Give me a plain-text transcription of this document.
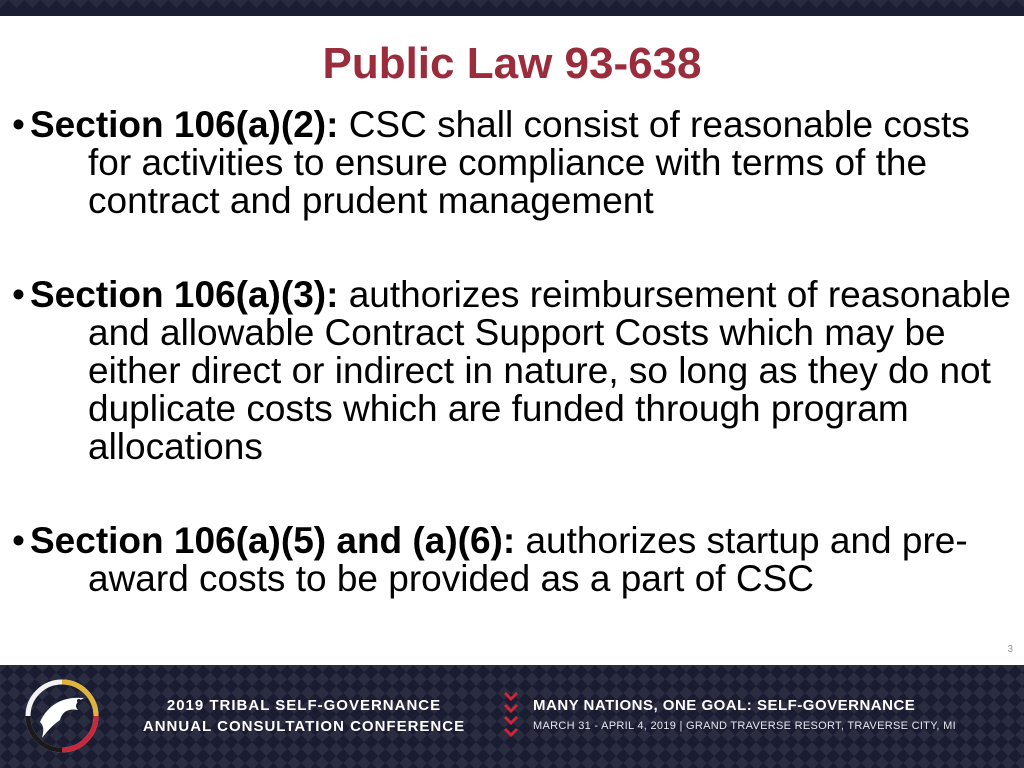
Public Law 93-638
• Section 106(a)(2): CSC shall consist of reasonable costs for activities to ensure compliance with terms of the contract and prudent management
• Section 106(a)(3): authorizes reimbursement of reasonable and allowable Contract Support Costs which may be either direct or indirect in nature, so long as they do not duplicate costs which are funded through program allocations
• Section 106(a)(5) and (a)(6): authorizes startup and pre-award costs to be provided as a part of CSC
3
2019 TRIBAL SELF-GOVERNANCE
ANNUAL CONSULTATION CONFERENCE
MANY NATIONS, ONE GOAL: SELF-GOVERNANCE
MARCH 31 - APRIL 4, 2019 | GRAND TRAVERSE RESORT, TRAVERSE CITY, MI
